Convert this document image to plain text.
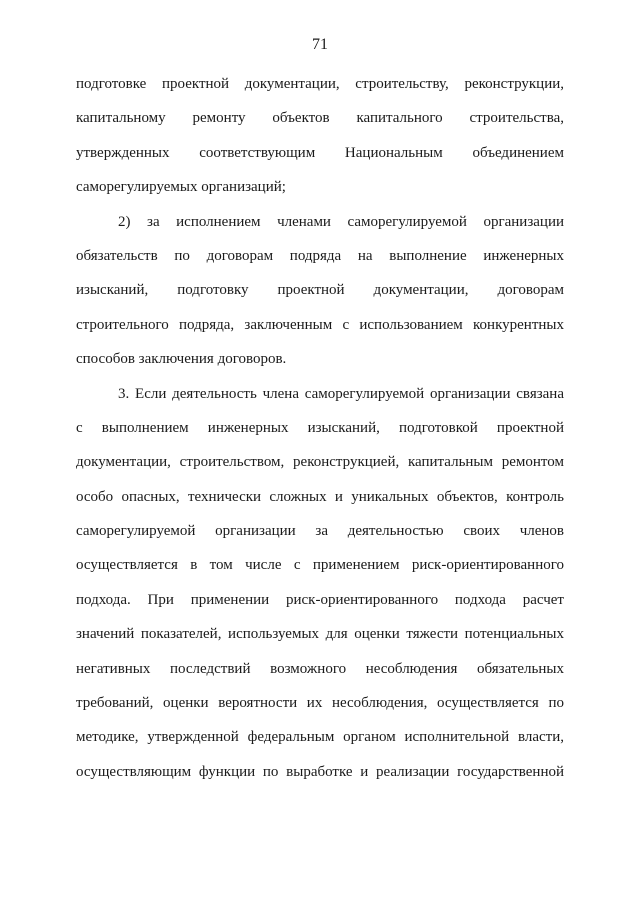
71
подготовке проектной документации, строительству, реконструкции,
капитальному ремонту объектов капитального строительства,
утвержденных соответствующим Национальным объединением
саморегулируемых организаций;
2) за исполнением членами саморегулируемой организации
обязательств по договорам подряда на выполнение инженерных
изысканий, подготовку проектной документации, договорам
строительного подряда, заключенным с использованием конкурентных
способов заключения договоров.
3. Если деятельность члена саморегулируемой организации связана
с выполнением инженерных изысканий, подготовкой проектной
документации, строительством, реконструкцией, капитальным ремонтом
особо опасных, технически сложных и уникальных объектов, контроль
саморегулируемой организации за деятельностью своих членов
осуществляется в том числе с применением риск-ориентированного
подхода. При применении риск-ориентированного подхода расчет
значений показателей, используемых для оценки тяжести потенциальных
негативных последствий возможного несоблюдения обязательных
требований, оценки вероятности их несоблюдения, осуществляется по
методике, утвержденной федеральным органом исполнительной власти,
осуществляющим функции по выработке и реализации государственной
